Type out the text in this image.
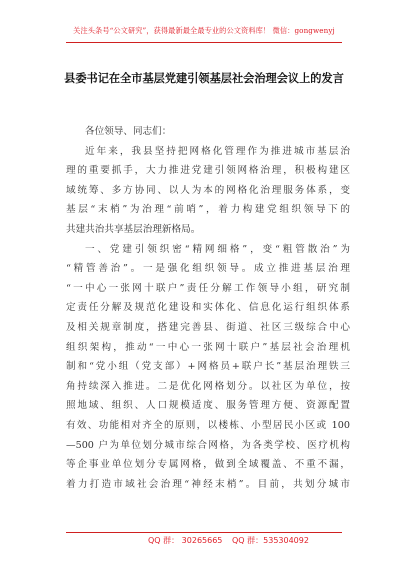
关注头条号“公文研究”，获得最新最全最专业的公文资料库！ 微信：gongwenyj
县委书记在全市基层党建引领基层社会治理会议上的发言
各位领导、同志们：
近年来，我县坚持把网格化管理作为推进城市基层治
理的重要抓手，大力推进党建引领网格治理，积极构建区
域统筹、多方协同、以人为本的网格化治理服务体系，变
基层“末梢”为治理“前哨”，着力构建党组织领导下的
共建共治共享基层治理新格局。
一、党建引领织密“精网细格”，变“粗管散治”为
“精管善治”。一是强化组织领导。成立推进基层治理
“一中心一张网十联户”责任分解工作领导小组，研究制
定责任分解及规范化建设和实体化、信息化运行组织体系
及相关规章制度，搭建完善县、街道、社区三级综合中心
组织架构，推动“一中心一张网十联户”基层社会治理机
制和“党小组（党支部）+网格员+联户长”基层治理铁三
角持续深入推进。二是优化网格划分。以社区为单位，按
照地域、组织、人口规模适度、服务管理方便、资源配置
有效、功能相对齐全的原则，以楼栋、小型居民小区或 100
—500 户为单位划分城市综合网格，为各类学校、医疗机构
等企事业单位划分专属网格，做到全域覆盖、不重不漏，
着力打造市域社会治理“神经末梢”。目前，共划分城市
QQ 群： 30265665 QQ 群：535304092
